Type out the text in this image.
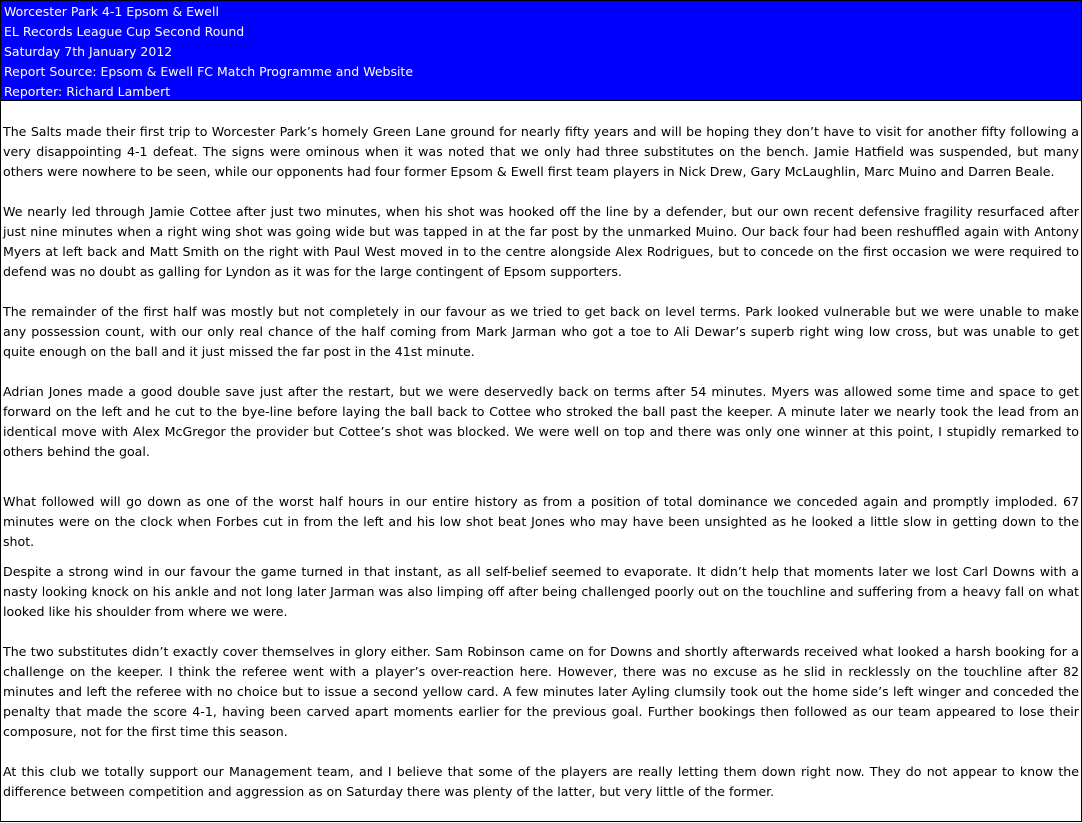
Worcester Park 4-1 Epsom & Ewell
EL Records League Cup Second Round
Saturday 7th January 2012
Report Source: Epsom & Ewell FC Match Programme and Website
Reporter: Richard Lambert

The Salts made their first trip to Worcester Park’s homely Green Lane ground for nearly fifty years and will be hoping they don’t have to visit for another fifty following a very disappointing 4-1 defeat. The signs were ominous when it was noted that we only had three substitutes on the bench. Jamie Hatfield was suspended, but many others were nowhere to be seen, while our opponents had four former Epsom & Ewell first team players in Nick Drew, Gary McLaughlin, Marc Muino and Darren Beale.

We nearly led through Jamie Cottee after just two minutes, when his shot was hooked off the line by a defender, but our own recent defensive fragility resurfaced after just nine minutes when a right wing shot was going wide but was tapped in at the far post by the unmarked Muino. Our back four had been reshuffled again with Antony Myers at left back and Matt Smith on the right with Paul West moved in to the centre alongside Alex Rodrigues, but to concede on the first occasion we were required to defend was no doubt as galling for Lyndon as it was for the large contingent of Epsom supporters.

The remainder of the first half was mostly but not completely in our favour as we tried to get back on level terms. Park looked vulnerable but we were unable to make any possession count, with our only real chance of the half coming from Mark Jarman who got a toe to Ali Dewar’s superb right wing low cross, but was unable to get quite enough on the ball and it just missed the far post in the 41st minute.

Adrian Jones made a good double save just after the restart, but we were deservedly back on terms after 54 minutes. Myers was allowed some time and space to get forward on the left and he cut to the bye-line before laying the ball back to Cottee who stroked the ball past the keeper. A minute later we nearly took the lead from an identical move with Alex McGregor the provider but Cottee’s shot was blocked. We were well on top and there was only one winner at this point, I stupidly remarked to others behind the goal.

What followed will go down as one of the worst half hours in our entire history as from a position of total dominance we conceded again and promptly imploded. 67 minutes were on the clock when Forbes cut in from the left and his low shot beat Jones who may have been unsighted as he looked a little slow in getting down to the shot.

Despite a strong wind in our favour the game turned in that instant, as all self-belief seemed to evaporate. It didn’t help that moments later we lost Carl Downs with a nasty looking knock on his ankle and not long later Jarman was also limping off after being challenged poorly out on the touchline and suffering from a heavy fall on what looked like his shoulder from where we were.

The two substitutes didn’t exactly cover themselves in glory either. Sam Robinson came on for Downs and shortly afterwards received what looked a harsh booking for a challenge on the keeper. I think the referee went with a player’s over-reaction here. However, there was no excuse as he slid in recklessly on the touchline after 82 minutes and left the referee with no choice but to issue a second yellow card. A few minutes later Ayling clumsily took out the home side’s left winger and conceded the penalty that made the score 4-1, having been carved apart moments earlier for the previous goal. Further bookings then followed as our team appeared to lose their composure, not for the first time this season.

At this club we totally support our Management team, and I believe that some of the players are really letting them down right now. They do not appear to know the difference between competition and aggression as on Saturday there was plenty of the latter, but very little of the former.
